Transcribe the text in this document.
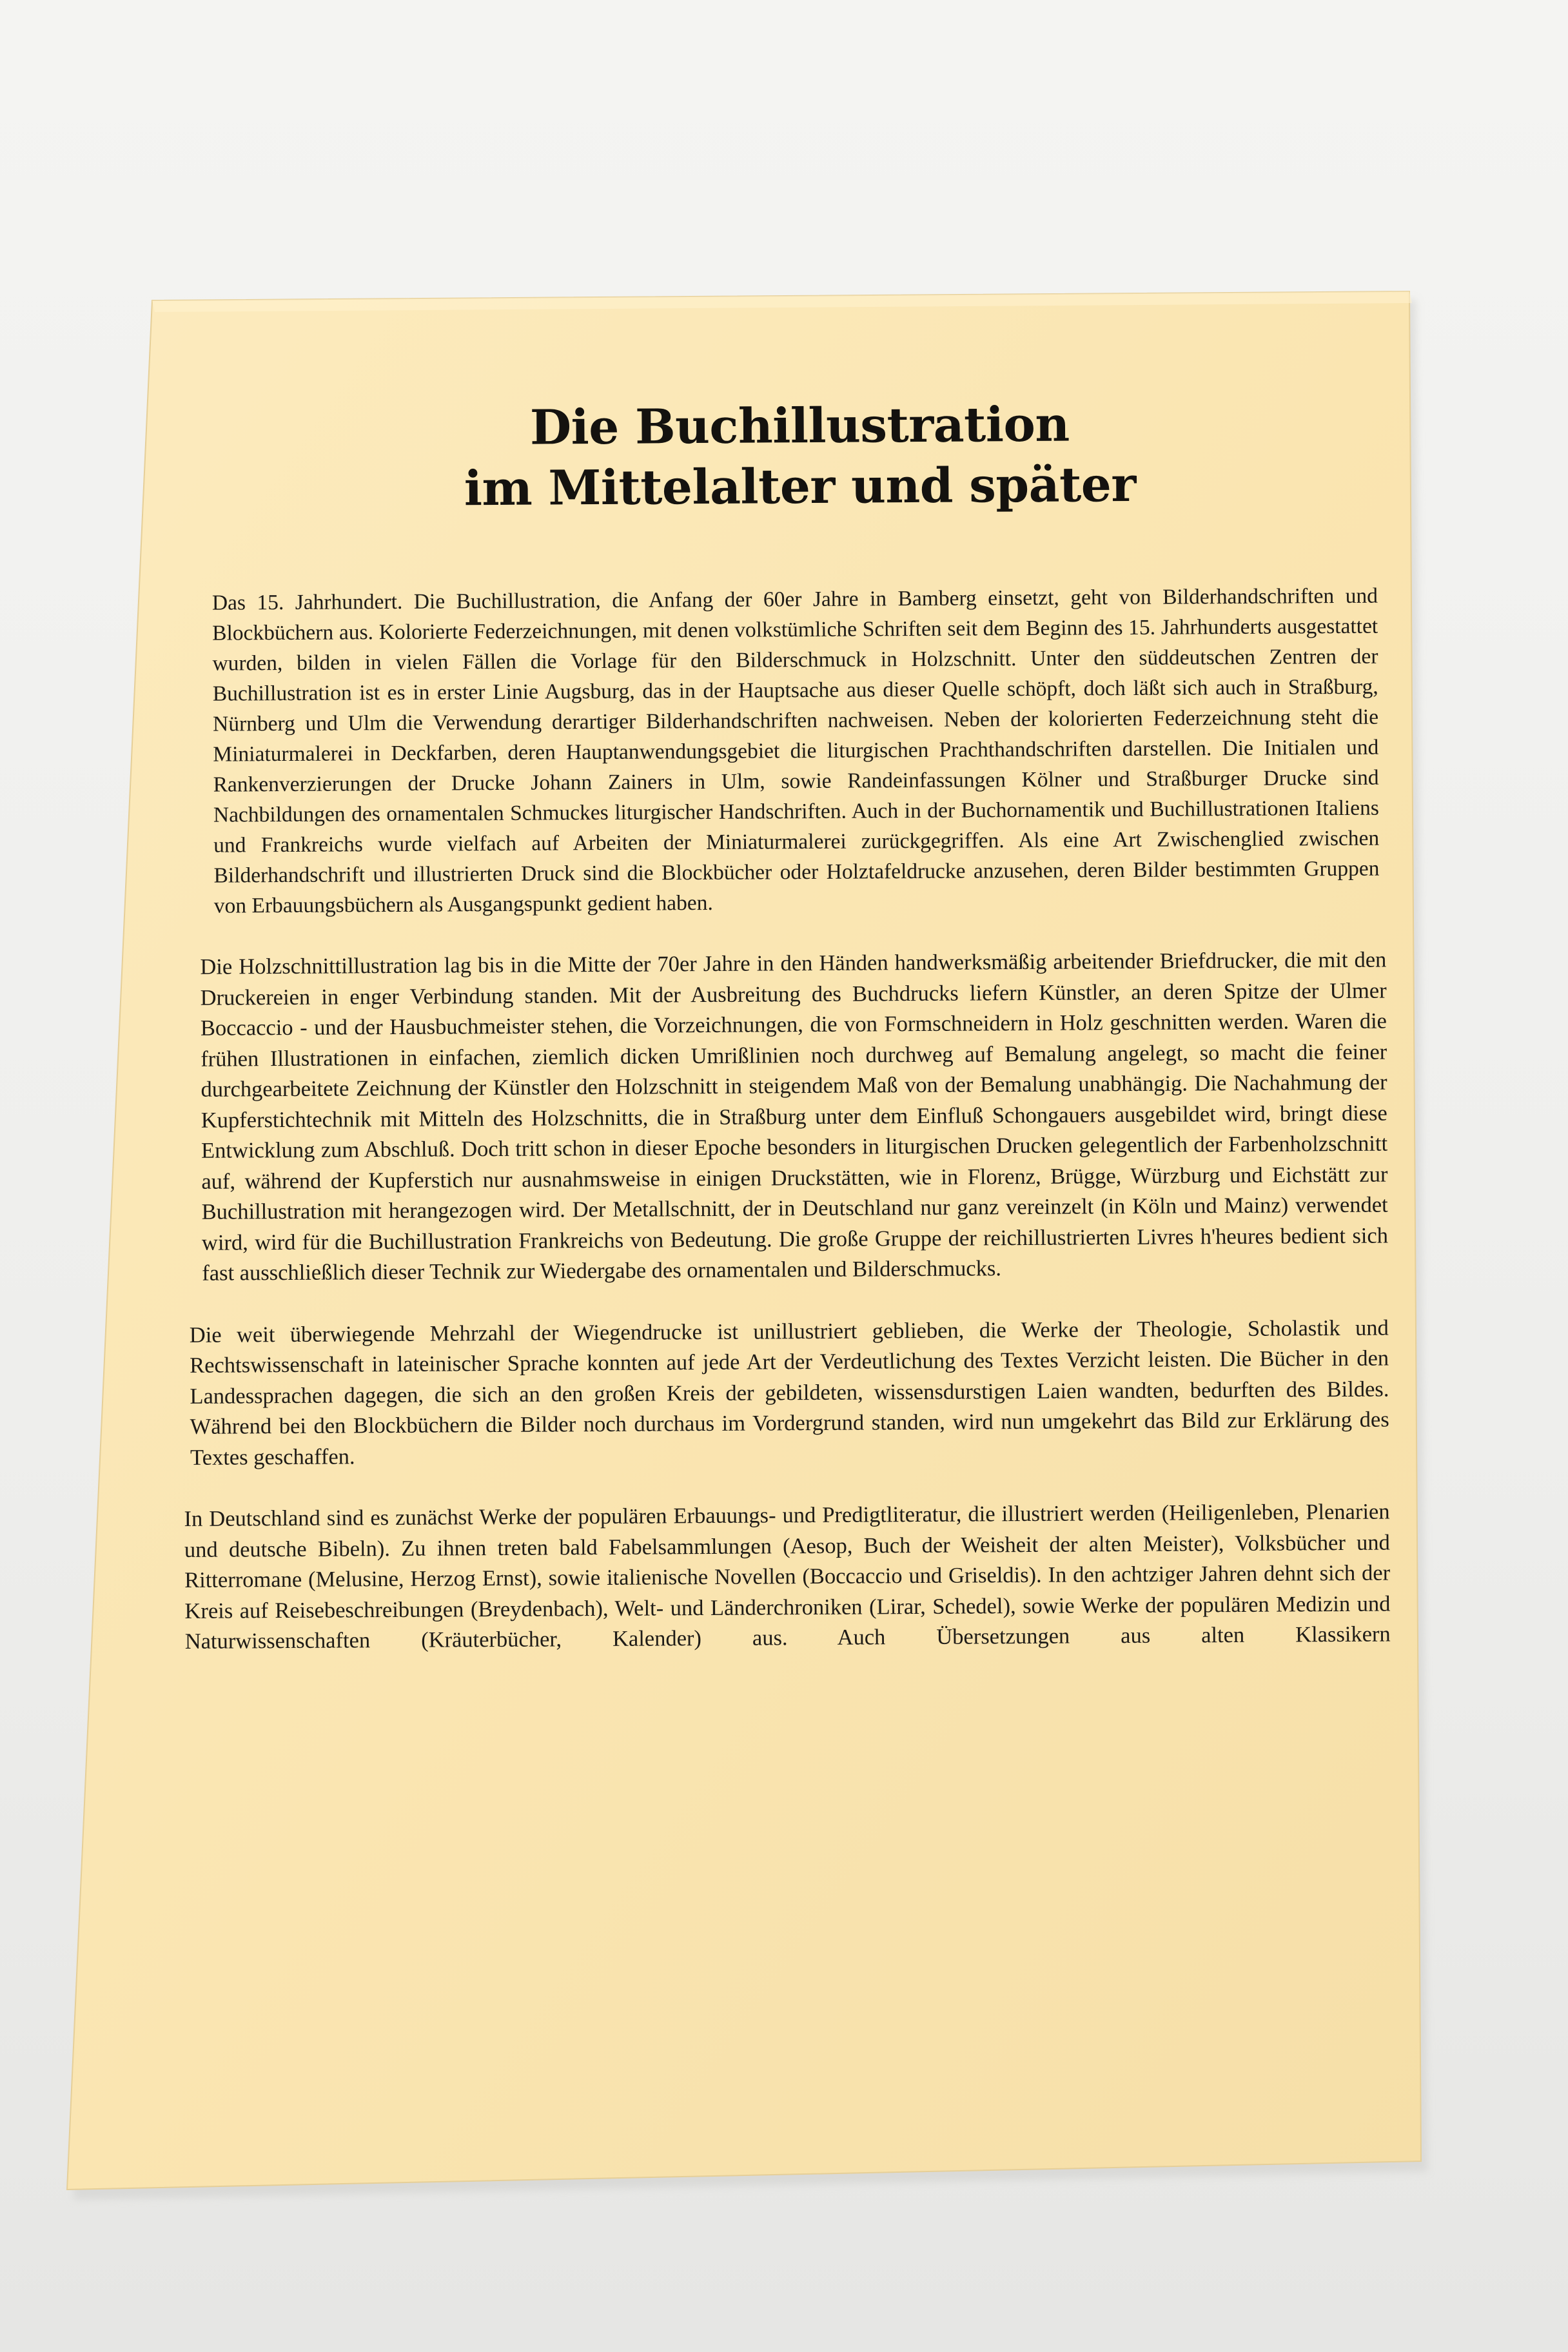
Die Buchillustration
im Mittelalter und später

Das 15. Jahrhundert. Die Buchillustration, die Anfang der 60er Jahre in Bamberg einsetzt, geht von Bilderhandschriften und Blockbüchern aus. Kolorierte Federzeichnungen, mit denen volkstümliche Schriften seit dem Beginn des 15. Jahrhunderts ausgestattet wurden, bilden in vielen Fällen die Vorlage für den Bilderschmuck in Holzschnitt. Unter den süddeutschen Zentren der Buchillustration ist es in erster Linie Augsburg, das in der Hauptsache aus dieser Quelle schöpft, doch läßt sich auch in Straßburg, Nürnberg und Ulm die Verwendung derartiger Bilderhandschriften nachweisen. Neben der kolorierten Federzeichnung steht die Miniaturmalerei in Deckfarben, deren Hauptanwendungsgebiet die liturgischen Prachthandschriften darstellen. Die Initialen und Rankenverzierungen der Drucke Johann Zainers in Ulm, sowie Randeinfassungen Kölner und Straßburger Drucke sind Nachbildungen des ornamentalen Schmuckes liturgischer Handschriften. Auch in der Buchornamentik und Buchillustrationen Italiens und Frankreichs wurde vielfach auf Arbeiten der Miniaturmalerei zurückgegriffen. Als eine Art Zwischenglied zwischen Bilderhandschrift und illustrierten Druck sind die Blockbücher oder Holztafeldrucke anzusehen, deren Bilder bestimmten Gruppen von Erbauungsbüchern als Ausgangspunkt gedient haben.

Die Holzschnittillustration lag bis in die Mitte der 70er Jahre in den Händen handwerksmäßig arbeitender Briefdrucker, die mit den Druckereien in enger Verbindung standen. Mit der Ausbreitung des Buchdrucks liefern Künstler, an deren Spitze der Ulmer Boccaccio - und der Hausbuchmeister stehen, die Vorzeichnungen, die von Formschneidern in Holz geschnitten werden. Waren die frühen Illustrationen in einfachen, ziemlich dicken Umrißlinien noch durchweg auf Bemalung angelegt, so macht die feiner durchgearbeitete Zeichnung der Künstler den Holzschnitt in steigendem Maß von der Bemalung unabhängig. Die Nachahmung der Kupferstichtechnik mit Mitteln des Holzschnitts, die in Straßburg unter dem Einfluß Schongauers ausgebildet wird, bringt diese Entwicklung zum Abschluß. Doch tritt schon in dieser Epoche besonders in liturgischen Drucken gelegentlich der Farbenholzschnitt auf, während der Kupferstich nur ausnahmsweise in einigen Druckstätten, wie in Florenz, Brügge, Würzburg und Eichstätt zur Buchillustration mit herangezogen wird. Der Metallschnitt, der in Deutschland nur ganz vereinzelt (in Köln und Mainz) verwendet wird, wird für die Buchillustration Frankreichs von Bedeutung. Die große Gruppe der reichillustrierten Livres h'heures bedient sich fast ausschließlich dieser Technik zur Wiedergabe des ornamentalen und Bilderschmucks.

Die weit überwiegende Mehrzahl der Wiegendrucke ist unillustriert geblieben, die Werke der Theologie, Scholastik und Rechtswissenschaft in lateinischer Sprache konnten auf jede Art der Verdeutlichung des Textes Verzicht leisten. Die Bücher in den Landessprachen dagegen, die sich an den großen Kreis der gebildeten, wissensdurstigen Laien wandten, bedurften des Bildes. Während bei den Blockbüchern die Bilder noch durchaus im Vordergrund standen, wird nun umgekehrt das Bild zur Erklärung des Textes geschaffen.

In Deutschland sind es zunächst Werke der populären Erbauungs- und Predigtliteratur, die illustriert werden (Heiligenleben, Plenarien und deutsche Bibeln). Zu ihnen treten bald Fabelsammlungen (Aesop, Buch der Weisheit der alten Meister), Volksbücher und Ritterromane (Melusine, Herzog Ernst), sowie italienische Novellen (Boccaccio und Griseldis). In den achtziger Jahren dehnt sich der Kreis auf Reisebeschreibungen (Breydenbach), Welt- und Länderchroniken (Lirar, Schedel), sowie Werke der populären Medizin und Naturwissenschaften (Kräuterbücher, Kalender) aus. Auch Übersetzungen aus alten Klassikern
